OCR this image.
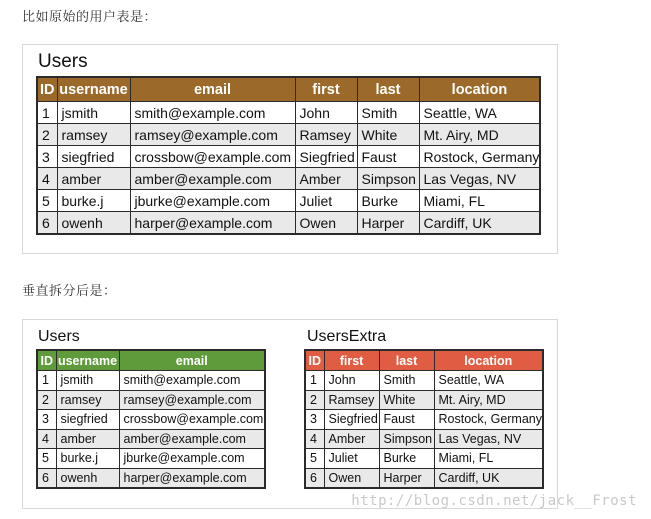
比如原始的用户表是：
Users
ID	username	email	first	last	location
1	jsmith	smith@example.com	John	Smith	Seattle, WA
2	ramsey	ramsey@example.com	Ramsey	White	Mt. Airy, MD
3	siegfried	crossbow@example.com	Siegfried	Faust	Rostock, Germany
4	amber	amber@example.com	Amber	Simpson	Las Vegas, NV
5	burke.j	jburke@example.com	Juliet	Burke	Miami, FL
6	owenh	harper@example.com	Owen	Harper	Cardiff, UK
垂直拆分后是：
Users
ID	username	email
1	jsmith	smith@example.com
2	ramsey	ramsey@example.com
3	siegfried	crossbow@example.com
4	amber	amber@example.com
5	burke.j	jburke@example.com
6	owenh	harper@example.com
UsersExtra
ID	first	last	location
1	John	Smith	Seattle, WA
2	Ramsey	White	Mt. Airy, MD
3	Siegfried	Faust	Rostock, Germany
4	Amber	Simpson	Las Vegas, NV
5	Juliet	Burke	Miami, FL
6	Owen	Harper	Cardiff, UK
http://blog.csdn.net/jack__Frost
